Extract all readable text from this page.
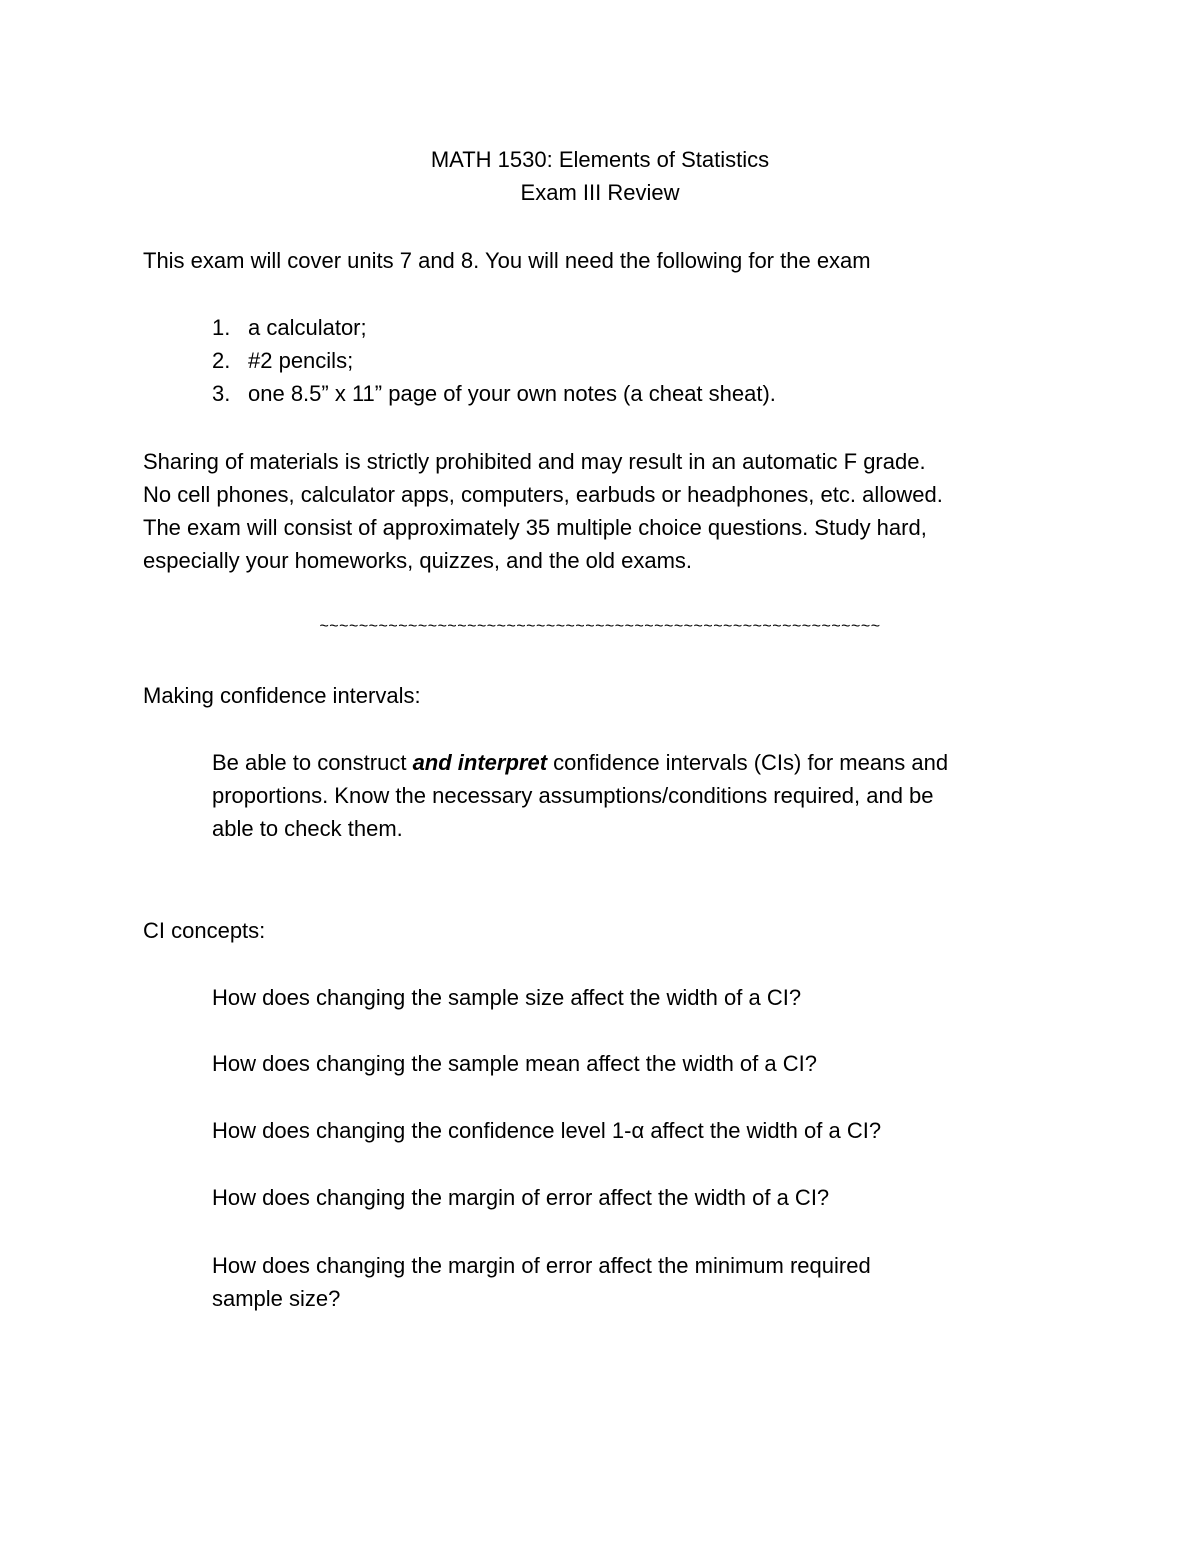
MATH 1530: Elements of Statistics
Exam III Review
This exam will cover units 7 and 8. You will need the following for the exam
1. a calculator;
2. #2 pencils;
3. one 8.5” x 11” page of your own notes (a cheat sheat).
Sharing of materials is strictly prohibited and may result in an automatic F grade.
No cell phones, calculator apps, computers, earbuds or headphones, etc. allowed.
The exam will consist of approximately 35 multiple choice questions. Study hard,
especially your homeworks, quizzes, and the old exams.
~~~~~~~~~~~~~~~~~~~~~~~~~~~~~~~~~~~~~~~~~~~~~~~~~~~~~~~~~
Making confidence intervals:
Be able to construct and interpret confidence intervals (CIs) for means and
proportions. Know the necessary assumptions/conditions required, and be
able to check them.
CI concepts:
How does changing the sample size affect the width of a CI?
How does changing the sample mean affect the width of a CI?
How does changing the confidence level 1-α affect the width of a CI?
How does changing the margin of error affect the width of a CI?
How does changing the margin of error affect the minimum required
sample size?
